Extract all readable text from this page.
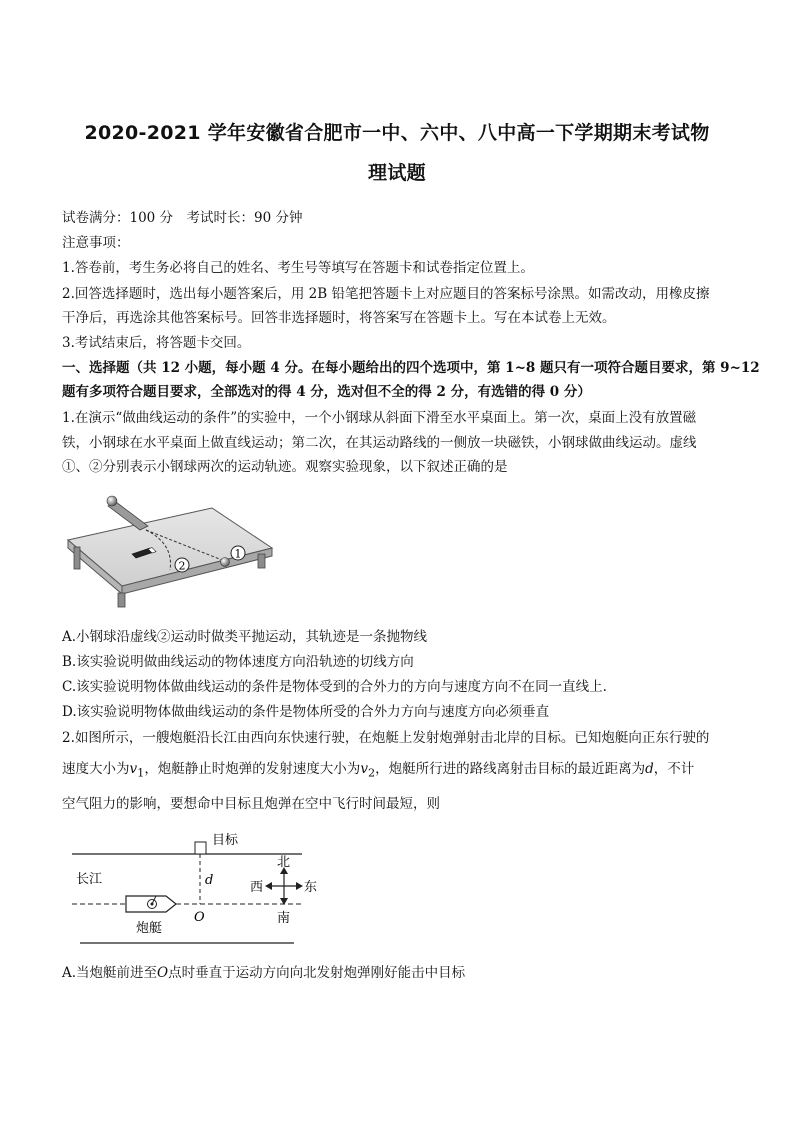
2020-2021 学年安徽省合肥市一中、六中、八中高一下学期期末考试物
理试题
试卷满分：100 分　考试时长：90 分钟
注意事项：
1.答卷前，考生务必将自己的姓名、考生号等填写在答题卡和试卷指定位置上。
2.回答选择题时，选出每小题答案后，用 2B 铅笔把答题卡上对应题目的答案标号涂黑。如需改动，用橡皮擦
干净后，再选涂其他答案标号。回答非选择题时，将答案写在答题卡上。写在本试卷上无效。
3.考试结束后，将答题卡交回。
一、选择题（共 12 小题，每小题 4 分。在每小题给出的四个选项中，第 1~8 题只有一项符合题目要求，第 9~12
题有多项符合题目要求，全部选对的得 4 分，选对但不全的得 2 分，有选错的得 0 分）
1.在演示“做曲线运动的条件”的实验中，一个小钢球从斜面下滑至水平桌面上。第一次，桌面上没有放置磁
铁，小钢球在水平桌面上做直线运动；第二次，在其运动路线的一侧放一块磁铁，小钢球做曲线运动。虚线
①、②分别表示小钢球两次的运动轨迹。观察实验现象，以下叙述正确的是
1
2
A.小钢球沿虚线②运动时做类平抛运动，其轨迹是一条抛物线
B.该实验说明做曲线运动的物体速度方向沿轨迹的切线方向
C.该实验说明物体做曲线运动的条件是物体受到的合外力的方向与速度方向不在同一直线上.
D.该实验说明物体做曲线运动的条件是物体所受的合外力方向与速度方向必须垂直
2.如图所示，一艘炮艇沿长江由西向东快速行驶，在炮艇上发射炮弹射击北岸的目标。已知炮艇向正东行驶的
速度大小为$v_1$，炮艇静止时炮弹的发射速度大小为$v_2$，炮艇所行进的路线离射击目标的最近距离为d，不计
空气阻力的影响，要想命中目标且炮弹在空中飞行时间最短，则
目标
d
长江
炮艇
O
北
南
西	东
A.当炮艇前进至O点时垂直于运动方向向北发射炮弹刚好能击中目标
